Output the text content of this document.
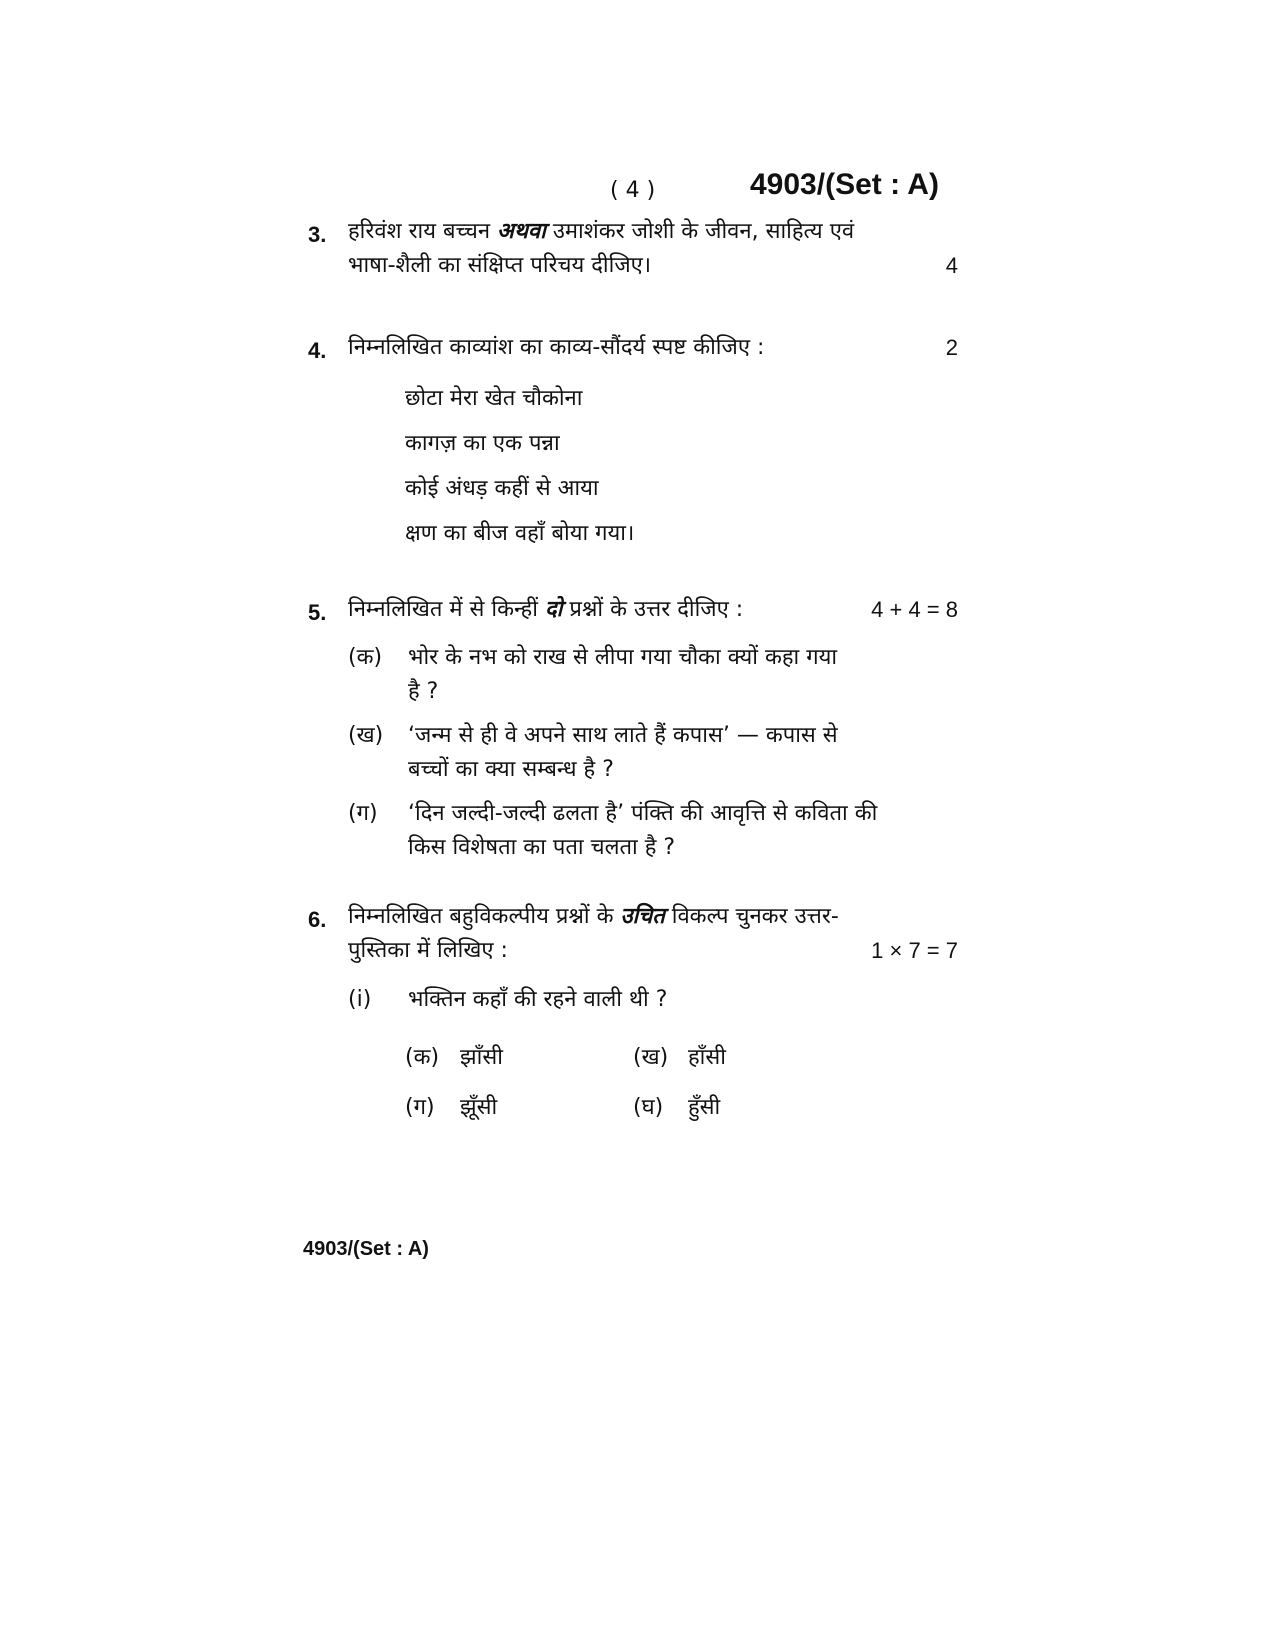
( 4 )	4903/(Set : A)
3. हरिवंश राय बच्चन अथवा उमाशंकर जोशी के जीवन, साहित्य एवं
भाषा-शैली का संक्षिप्त परिचय दीजिए।	4
4. निम्नलिखित काव्यांश का काव्य-सौंदर्य स्पष्ट कीजिए :	2
छोटा मेरा खेत चौकोना
कागज़ का एक पन्ना
कोई अंधड़ कहीं से आया
क्षण का बीज वहाँ बोया गया।
5. निम्नलिखित में से किन्हीं दो प्रश्नों के उत्तर दीजिए :	4 + 4 = 8
(क)	भोर के नभ को राख से लीपा गया चौका क्यों कहा गया
है ?
(ख)	‘जन्म से ही वे अपने साथ लाते हैं कपास’ — कपास से
बच्चों का क्या सम्बन्ध है ?
(ग)	‘दिन जल्दी-जल्दी ढलता है’ पंक्ति की आवृत्ति से कविता की
किस विशेषता का पता चलता है ?
6. निम्नलिखित बहुविकल्पीय प्रश्नों के उचित विकल्प चुनकर उत्तर-
पुस्तिका में लिखिए :	1 × 7 = 7
(i)	भक्तिन कहाँ की रहने वाली थी ?
(क) झाँसी	(ख) हाँसी
(ग)	झूँसी	(घ)	हुँसी
4903/(Set : A)
